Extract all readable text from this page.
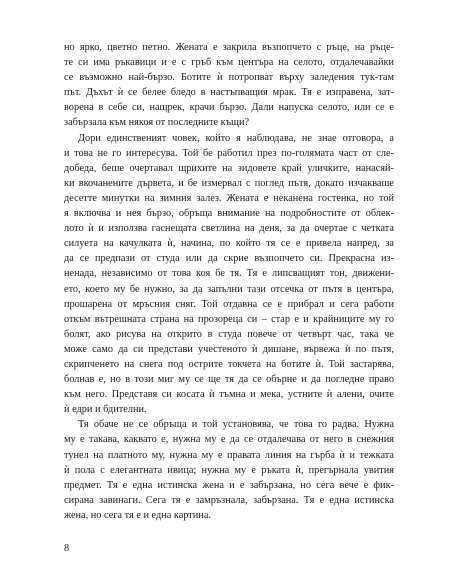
но ярко, цветно петно. Жената е закрила възпопчето с ръце, на ръце-
те си има ръкавици и е с гръб към центъра на селото, отдалечавайки
се възможно най-бързо. Ботите ѝ потропват върху заледения тук-там
път. Дъхът ѝ се белее бледо в настъпващия мрак. Тя е изправена, зат-
ворена в себе си, нащрек, крачи бързо. Дали напуска селото, или се е
забързала към някоя от последните къщи?
Дори единственият човек, който я наблюдава, не знае отговора, а
и това не го интересува. Той бе работил през по-голямата част от сле-
добеда, беше очертавал щрихите на зидовете край уличките, нанасяй-
ки вкочанените дървета, и бе измервал с поглед пътя, докато изчакваше
десетте минутки на зимния залез. Жената е неканена гостенка, но той
я включва и нея бързо, обръща внимание на подробностите от облек-
лото ѝ и използва гаснещата светлина на деня, за да очертае с четката
силуета на качулката ѝ, начина, по който тя се е привела напред, за
да се предпази от студа или да скрие възпопчето си. Прекрасна из-
ненада, независимо от това коя бе тя. Тя е липсващият тон, движени-
ето, което му бе нужно, за да запълни тази отсечка от пътя в центъра,
прошарена от мръсния сняг. Той отдавна се е прибрал и сега работи
откъм вътрешната страна на прозореца си – стар е и крайниците му го
болят, ако рисува на открито в студа повече от четвърт час, така че
може само да си представи учестеното ѝ дишане, вървежа ѝ по пътя,
скрипченето на снега под острите токчета на ботите ѝ. Той застарява,
болнав е, но в този миг му се ще тя да се обърне и да погледне право
към него. Представя си косата ѝ тъмна и мека, устните ѝ алени, очите
ѝ едри и бдителни.
Тя обаче не се обръща и той установява, че това го радва. Нужна
му е такава, каквато е, нужна му е да се отдалечава от него в снежния
тунел на платното му, нужна му е правата линия на гърба ѝ и тежката
ѝ пола с елегантната ивица; нужна му е ръката ѝ, прегърнала увития
предмет. Тя е една истинска жена и е забързана, но сега вече е фик-
сирана завинаги. Сега тя е замръзнала, забързана. Тя е една истинска
жена, но сега тя е и една картина.
8
